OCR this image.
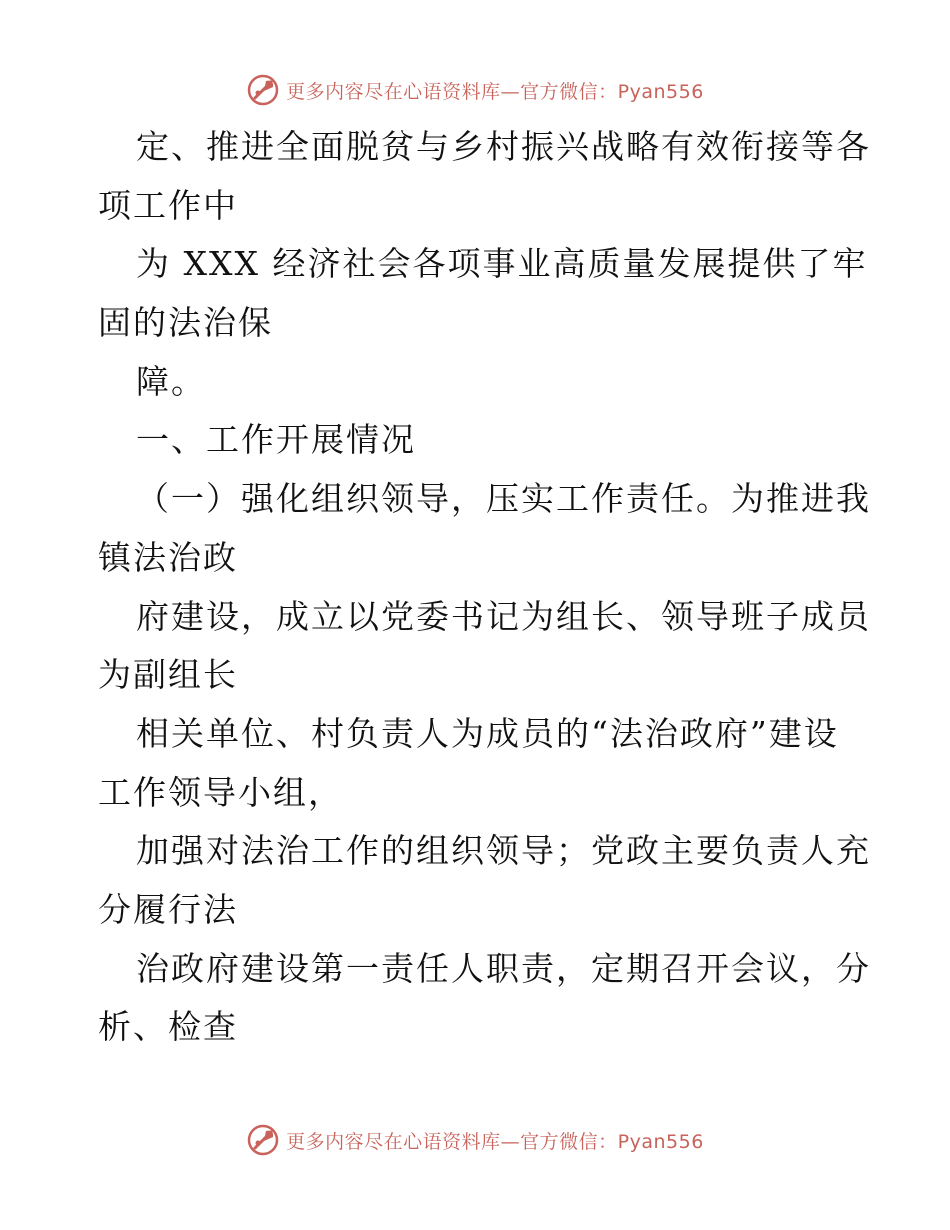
更多内容尽在心语资料库—官方微信：Pyan556
定、推进全面脱贫与乡村振兴战略有效衔接等各
项工作中
为 XXX 经济社会各项事业高质量发展提供了牢
固的法治保
障。
一、工作开展情况
（一）强化组织领导，压实工作责任。为推进我
镇法治政
府建设，成立以党委书记为组长、领导班子成员
为副组长
相关单位、村负责人为成员的“法治政府”建设
工作领导小组，
加强对法治工作的组织领导；党政主要负责人充
分履行法
治政府建设第一责任人职责，定期召开会议，分
析、检查
更多内容尽在心语资料库—官方微信：Pyan556
